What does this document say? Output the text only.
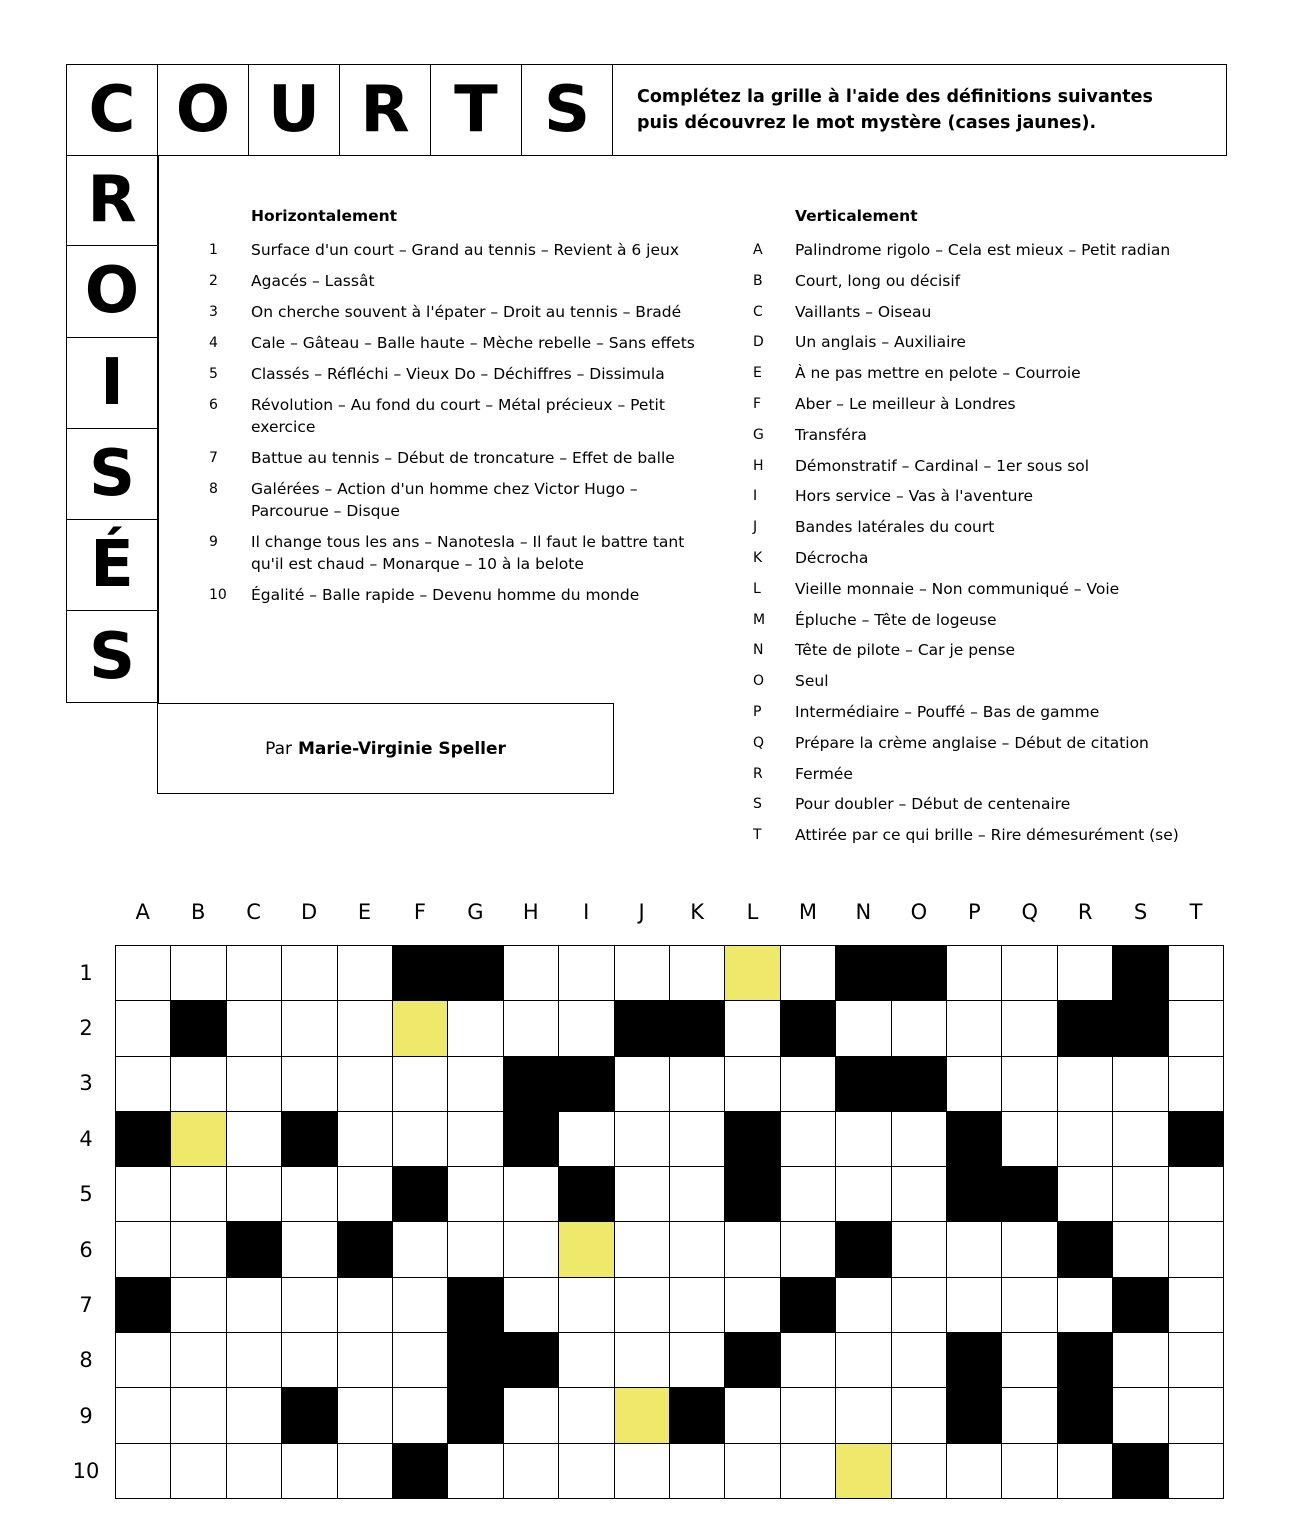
C O U R T S	Complétez la grille à l'aide des définitions suivantes
puis découvrez le mot mystère (cases jaunes).
R
O
I
S
É
S
Par Marie-Virginie Speller
Horizontalement
1	Surface d'un court – Grand au tennis – Revient à 6 jeux
2	Agacés – Lassât
3	On cherche souvent à l'épater – Droit au tennis – Bradé
4	Cale – Gâteau – Balle haute – Mèche rebelle – Sans effets
5	Classés – Réfléchi – Vieux Do – Déchiffres – Dissimula
6	Révolution – Au fond du court – Métal précieux – Petit exercice
7	Battue au tennis – Début de troncature – Effet de balle
8	Galérées – Action d'un homme chez Victor Hugo – Parcourue – Disque
9	Il change tous les ans – Nanotesla – Il faut le battre tant qu'il est chaud – Monarque – 10 à la belote
10	Égalité – Balle rapide – Devenu homme du monde
Verticalement
A	Palindrome rigolo – Cela est mieux – Petit radian
B	Court, long ou décisif
C	Vaillants – Oiseau
D	Un anglais – Auxiliaire
E	À ne pas mettre en pelote – Courroie
F	Aber – Le meilleur à Londres
G	Transféra
H	Démonstratif – Cardinal – 1er sous sol
I	Hors service – Vas à l'aventure
J	Bandes latérales du court
K	Décrocha
L	Vieille monnaie – Non communiqué – Voie
M	Épluche – Tête de logeuse
N	Tête de pilote – Car je pense
O	Seul
P	Intermédiaire – Pouffé – Bas de gamme
Q	Prépare la crème anglaise – Début de citation
R	Fermée
S	Pour doubler – Début de centenaire
T	Attirée par ce qui brille – Rire démesurément (se)
A	B	C	D	E	F	G	H	I	J	K	L	M	N	O	P	Q	R	S	T
1
2
3
4
5
6
7
8
9
10
